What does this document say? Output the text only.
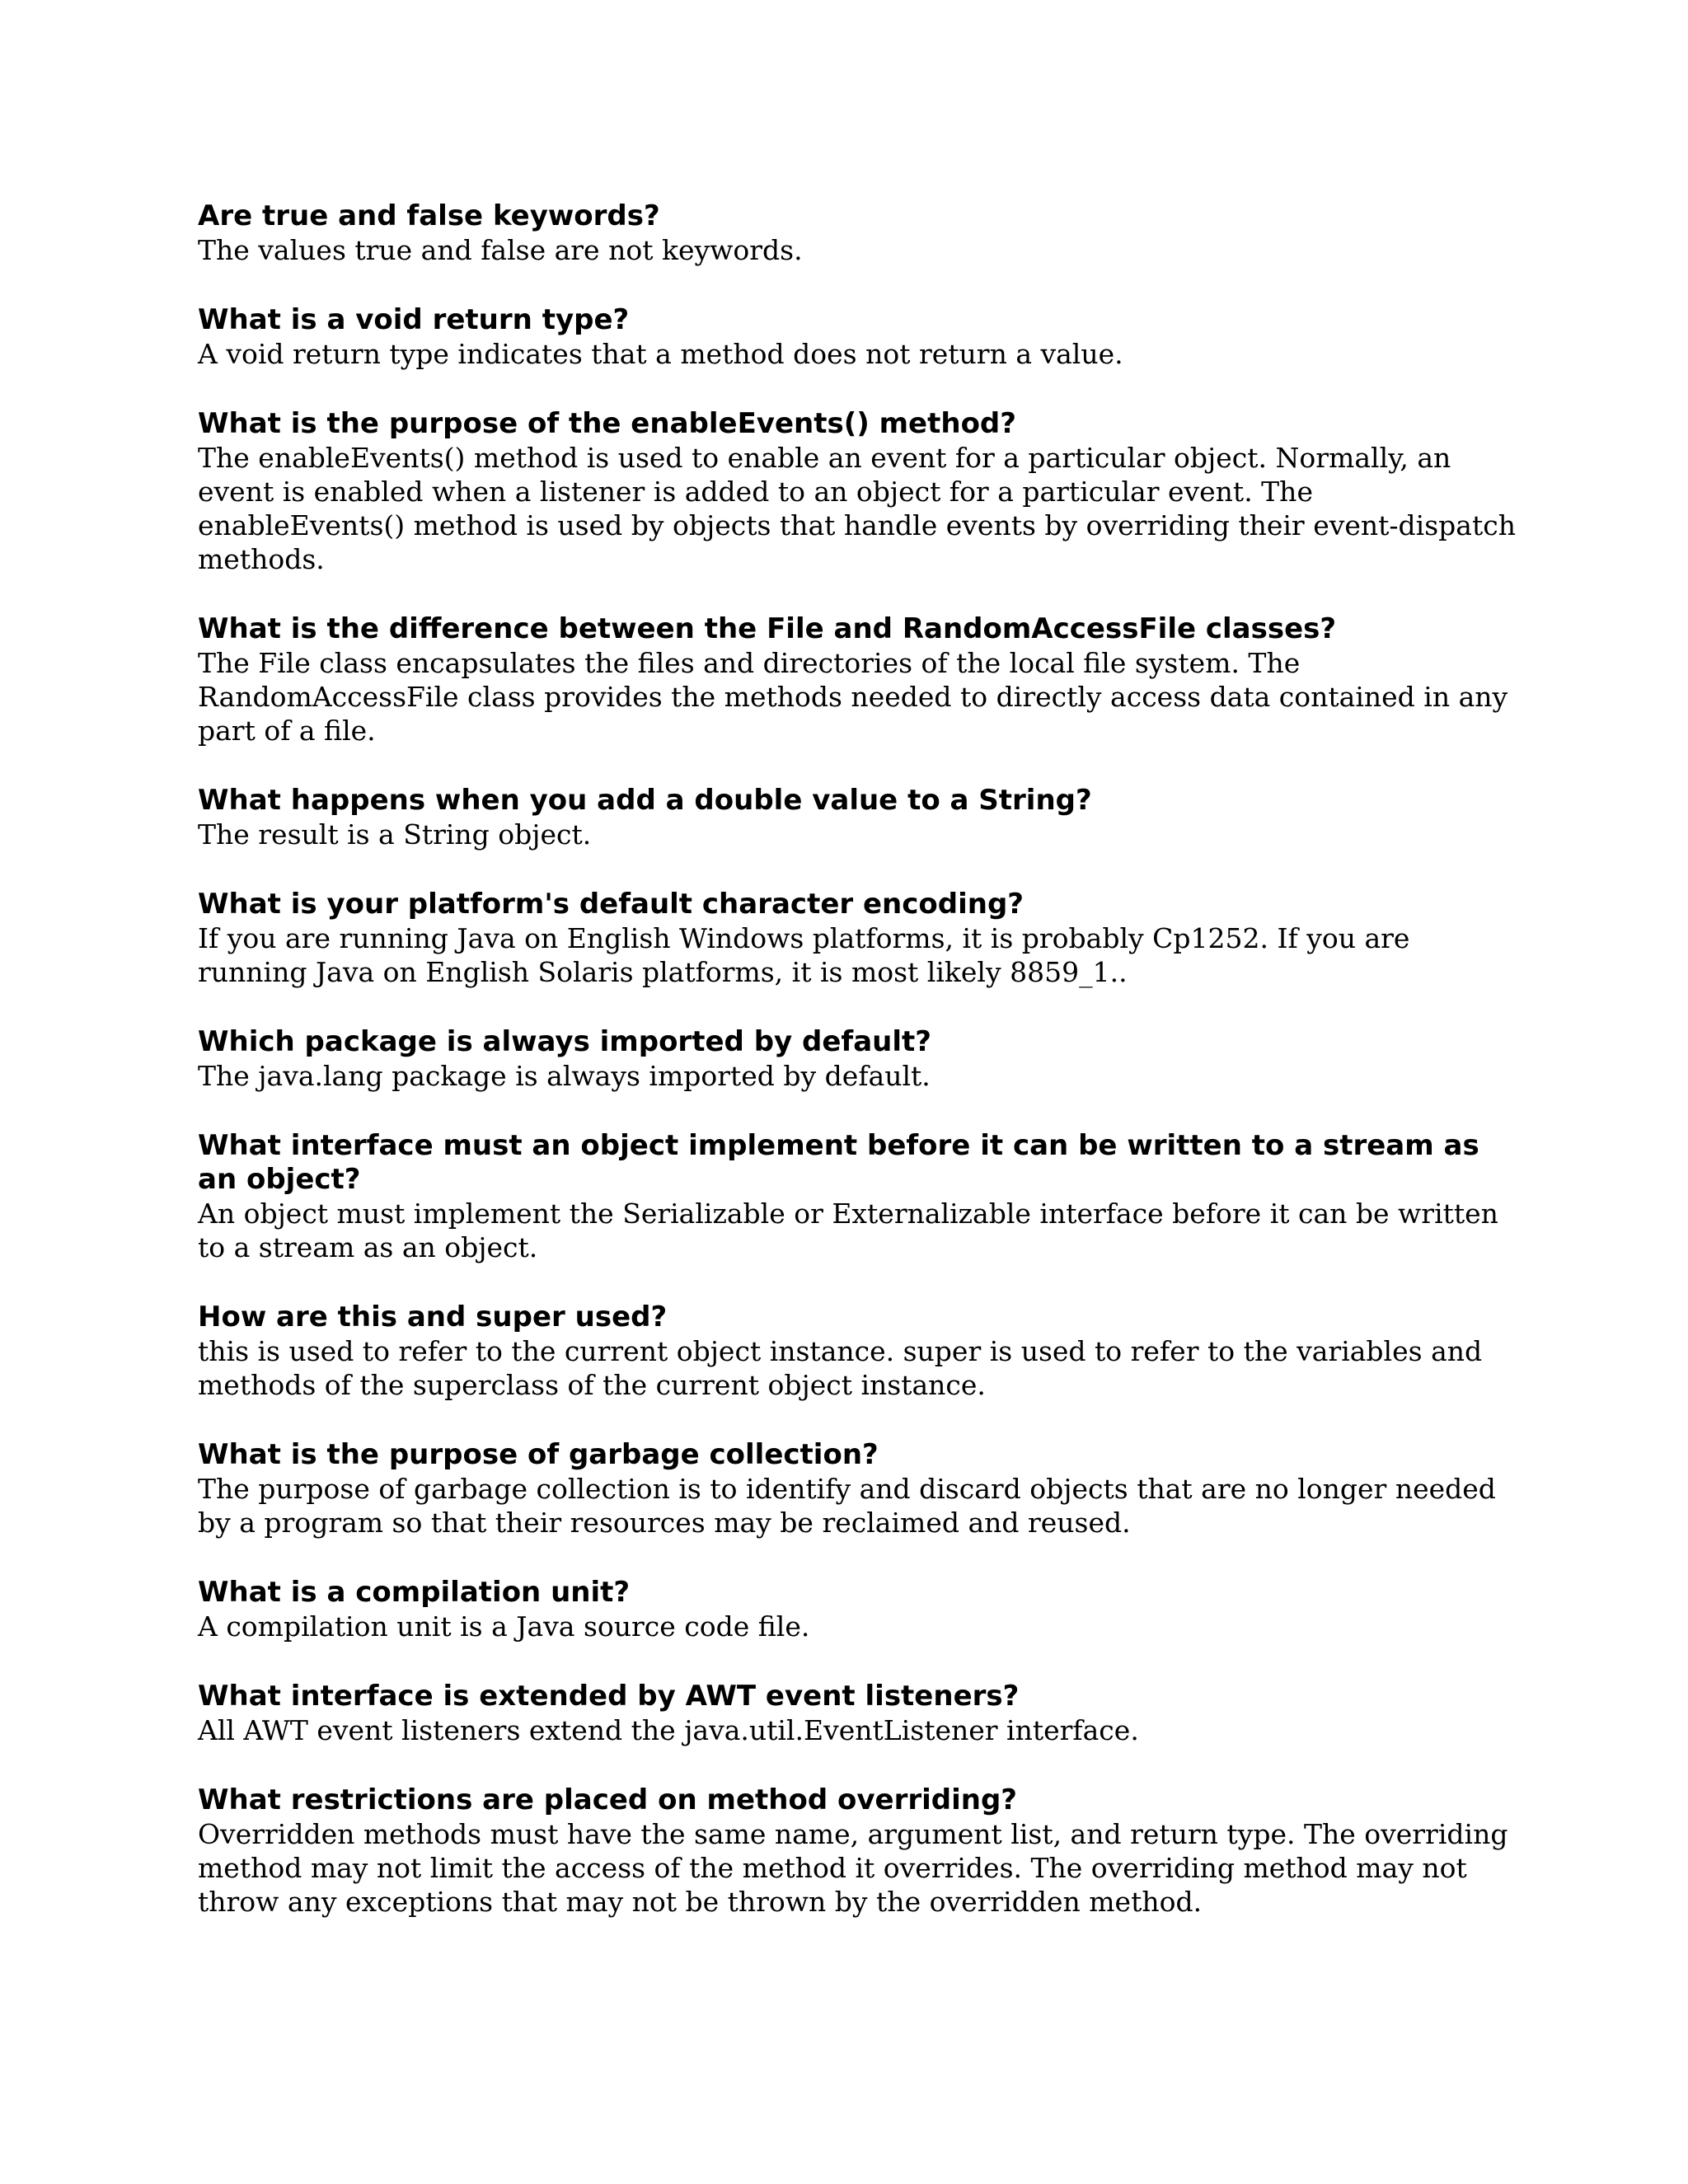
Are true and false keywords?

The values true and false are not keywords.

What is a void return type?

A void return type indicates that a method does not return a value.

What is the purpose of the enableEvents() method?

The enableEvents() method is used to enable an event for a particular object. Normally, an event is enabled when a listener is added to an object for a particular event. The enableEvents() method is used by objects that handle events by overriding their event-dispatch methods.

What is the difference between the File and RandomAccessFile classes?

The File class encapsulates the files and directories of the local file system. The RandomAccessFile class provides the methods needed to directly access data contained in any part of a file.

What happens when you add a double value to a String?

The result is a String object.

What is your platform's default character encoding?

If you are running Java on English Windows platforms, it is probably Cp1252. If you are running Java on English Solaris platforms, it is most likely 8859_1..

Which package is always imported by default?

The java.lang package is always imported by default.

What interface must an object implement before it can be written to a stream as an object?

An object must implement the Serializable or Externalizable interface before it can be written to a stream as an object.

How are this and super used?

this is used to refer to the current object instance. super is used to refer to the variables and methods of the superclass of the current object instance.

What is the purpose of garbage collection?

The purpose of garbage collection is to identify and discard objects that are no longer needed by a program so that their resources may be reclaimed and reused.

What is a compilation unit?

A compilation unit is a Java source code file.

What interface is extended by AWT event listeners?

All AWT event listeners extend the java.util.EventListener interface.

What restrictions are placed on method overriding?

Overridden methods must have the same name, argument list, and return type. The overriding method may not limit the access of the method it overrides. The overriding method may not throw any exceptions that may not be thrown by the overridden method.
